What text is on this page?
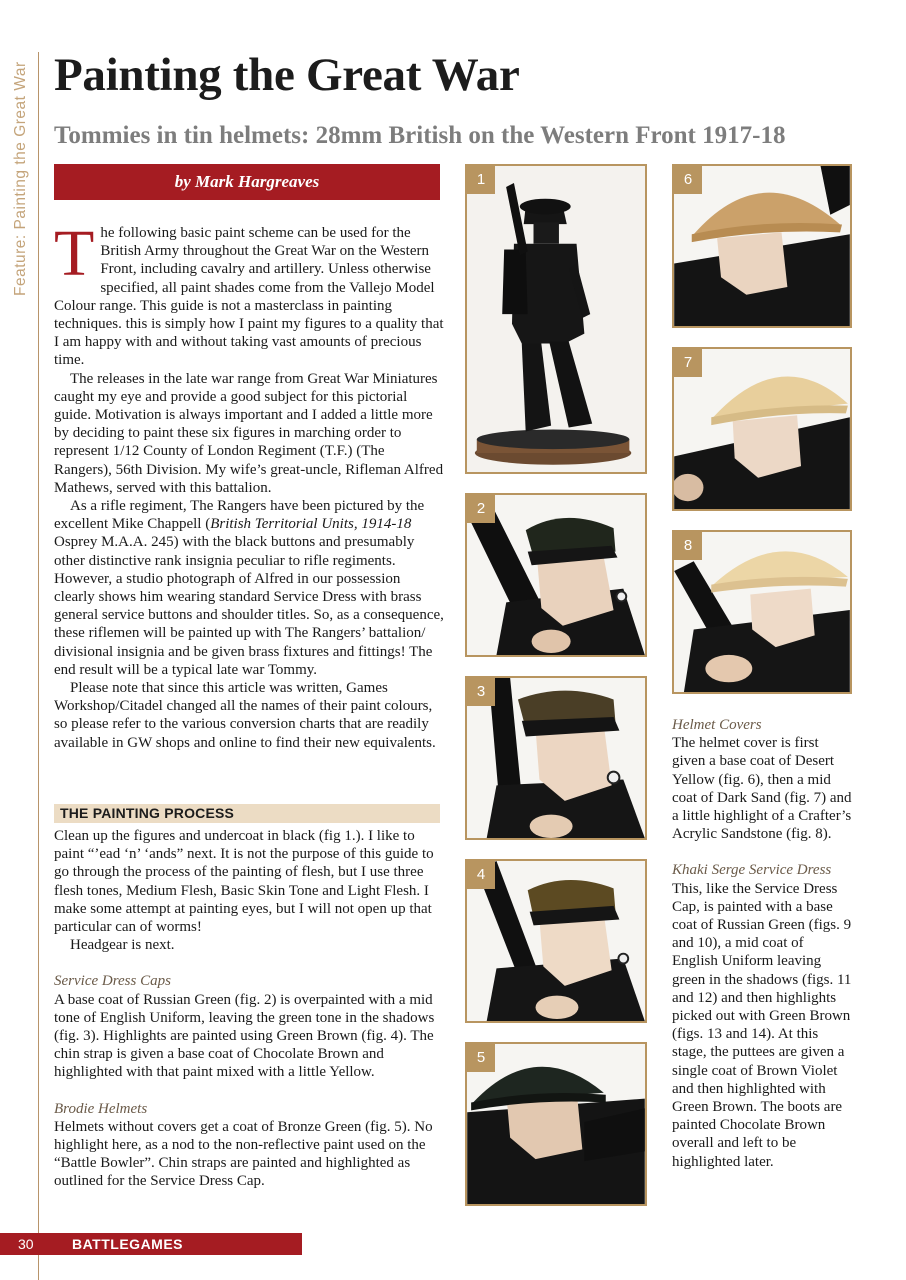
Feature: Painting the Great War Painting the Great War
Tommies in tin helmets: 28mm British on the Western Front 1917-18
by Mark Hargreaves

The following basic paint scheme can be used for the British Army throughout the Great War on the Western Front, including cavalry and artillery. Unless otherwise specified, all paint shades come from the Vallejo Model Colour range. This guide is not a masterclass in painting techniques. this is simply how I paint my figures to a quality that I am happy with and without taking vast amounts of precious time.

The releases in the late war range from Great War Miniatures caught my eye and provide a good subject for this pictorial guide. Motivation is always important and I added a little more by deciding to paint these six figures in marching order to represent 1/12 County of London Regiment (T.F.) (The Rangers), 56th Division. My wife’s great-uncle, Rifleman Alfred Mathews, served with this battalion.

As a rifle regiment, The Rangers have been pictured by the excellent Mike Chappell (British Territorial Units, 1914-18 Osprey M.A.A. 245) with the black buttons and presumably other distinctive rank insignia peculiar to rifle regiments. However, a studio photograph of Alfred in our possession clearly shows him wearing standard Service Dress with brass general service buttons and shoulder titles. So, as a consequence, these riflemen will be painted up with The Rangers’ battalion/ divisional insignia and be given brass fixtures and fittings! The end result will be a typical late war Tommy.

Please note that since this article was written, Games Workshop/Citadel changed all the names of their paint colours, so please refer to the various conversion charts that are readily available in GW shops and online to find their new equivalents.

THE PAINTING PROCESS

Clean up the figures and undercoat in black (fig 1.). I like to paint “’ead ‘n’ ‘ands” next. It is not the purpose of this guide to go through the process of the painting of flesh, but I use three flesh tones, Medium Flesh, Basic Skin Tone and Light Flesh. I make some attempt at painting eyes, but I will not open up that particular can of worms!

Headgear is next.

Service Dress Caps

A base coat of Russian Green (fig. 2) is overpainted with a mid tone of English Uniform, leaving the green tone in the shadows (fig. 3). Highlights are painted using Green Brown (fig. 4). The chin strap is given a base coat of Chocolate Brown and highlighted with that paint mixed with a little Yellow.

Brodie Helmets

Helmets without covers get a coat of Bronze Green (fig. 5). No highlight here, as a nod to the non-reflective paint used on the “Battle Bowler”. Chin straps are painted and highlighted as outlined for the Service Dress Cap.

1
2
3
4
5
6
7
8

Helmet Covers

The helmet cover is first given a base coat of Desert Yellow (fig. 6), then a mid coat of Dark Sand (fig. 7) and a little highlight of a Crafter’s Acrylic Sandstone (fig. 8).

Khaki Serge Service Dress

This, like the Service Dress Cap, is painted with a base coat of Russian Green (figs. 9 and 10), a mid coat of English Uniform leaving green in the shadows (figs. 11 and 12) and then highlights picked out with Green Brown (figs. 13 and 14). At this stage, the puttees are given a single coat of Brown Violet and then highlighted with Green Brown. The boots are painted Chocolate Brown overall and left to be highlighted later.

30	BATTLEGAMES
